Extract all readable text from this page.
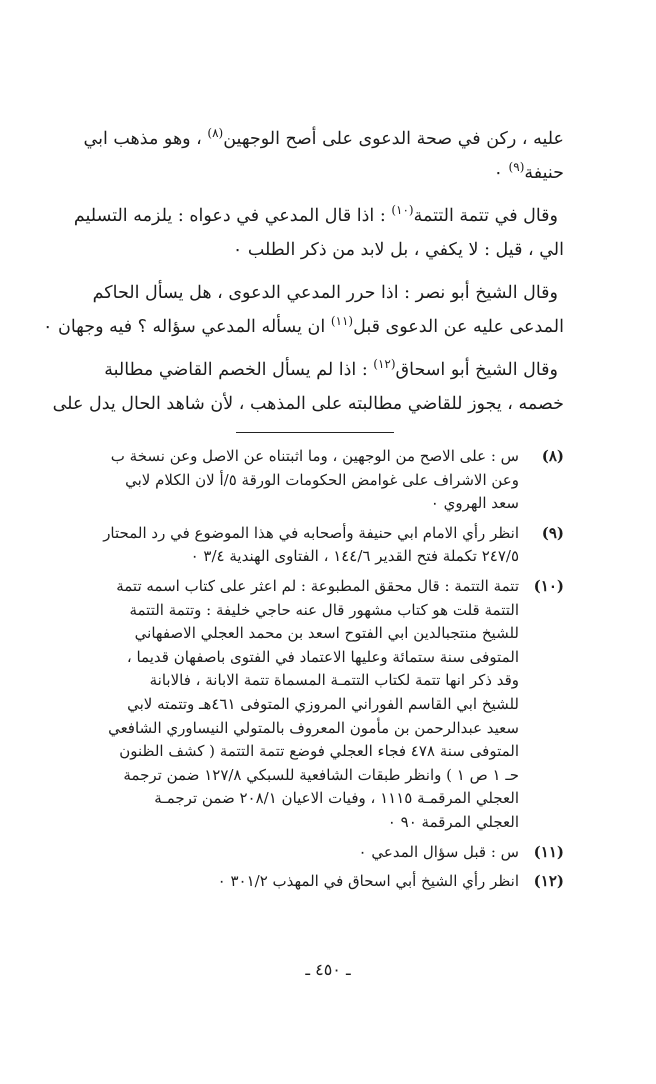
عليه ، ركن في صحة الدعوى على أصح الوجهين$^{(٨)}$ ، وهو مذهب ابي
حنيفة$^{(٩)}$ ٠

وقال في تتمة التتمة$^{(١٠)}$ : اذا قال المدعي في دعواه : يلزمه التسليم
الي ، قيل : لا يكفي ، بل لابد من ذكر الطلب ٠

وقال الشيخ أبو نصر : اذا حرر المدعي الدعوى ، هل يسأل الحاكم
المدعى عليه عن الدعوى قبل$^{(١١)}$ ان يسأله المدعي سؤاله ؟ فيه وجهان ٠

وقال الشيخ أبو اسحاق$^{(١٢)}$ : اذا لم يسأل الخصم القاضي مطالبة
خصمه ، يجوز للقاضي مطالبته على المذهب ، لأن شاهد الحال يدل على

(٨)
س : على الاصح من الوجهين ، وما اثبتناه عن الاصل وعن نسخة ب
وعن الاشراف على غوامض الحكومات الورقة ٥/أ لان الكلام لابي
سعد الهروي ٠
(٩)
انظر رأي الامام ابي حنيفة وأصحابه في هذا الموضوع في رد المحتار
٢٤٧/٥ تكملة فتح القدير ١٤٤/٦ ، الفتاوى الهندية ٣/٤ ٠
(١٠)
تتمة التتمة : قال محقق المطبوعة : لم اعثر على كتاب اسمه تتمة
التتمة قلت هو كتاب مشهور قال عنه حاجي خليفة : وتتمة التتمة
للشيخ منتجبالدين ابي الفتوح اسعد بن محمد العجلي الاصفهاني
المتوفى سنة ستمائة وعليها الاعتماد في الفتوى باصفهان قديما ،
وقد ذكر انها تتمة لكتاب التتمـة المسماة تتمة الابانة ، فالابانة
للشيخ ابي القاسم الفوراني المروزي المتوفى ٤٦١هـ وتتمته لابي
سعيد عبدالرحمن بن مأمون المعروف بالمتولي النيساوري الشافعي
المتوفى سنة ٤٧٨ فجاء العجلي فوضع تتمة التتمة ( كشف الظنون
حـ ١ ص ١ ) وانظر طبقات الشافعية للسبكي ١٢٧/٨ ضمن ترجمة
العجلي المرقمـة ١١١٥ ، وفيات الاعيان ٢٠٨/١ ضمن ترجمـة
العجلي المرقمة ٩٠ ٠
(١١)
س : قبل سؤال المدعي ٠
(١٢)
انظر رأي الشيخ أبي اسحاق في المهذب ٣٠١/٢ ٠
ـ ٤٥٠ ـ
